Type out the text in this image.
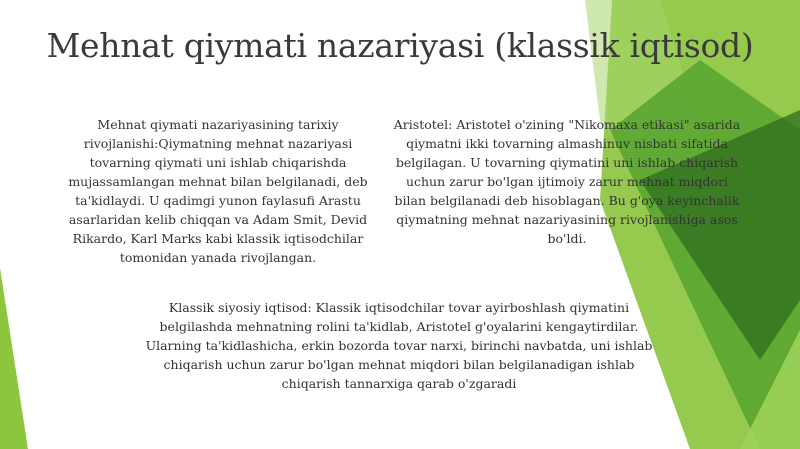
Mehnat qiymati nazariyasi (klassik iqtisod)
Mehnat qiymati nazariyasining tarixiy rivojlanishi:Qiymatning mehnat nazariyasi tovarning qiymati uni ishlab chiqarishda mujassamlangan mehnat bilan belgilanadi, deb ta'kidlaydi. U qadimgi yunon faylasufi Arastu asarlaridan kelib chiqqan va Adam Smit, Devid Rikardo, Karl Marks kabi klassik iqtisodchilar tomonidan yanada rivojlangan.
Aristotel: Aristotel o'zining "Nikomaxa etikasi" asarida qiymatni ikki tovarning almashinuv nisbati sifatida belgilagan. U tovarning qiymatini uni ishlab chiqarish uchun zarur bo'lgan ijtimoiy zarur mehnat miqdori bilan belgilanadi deb hisoblagan. Bu g'oya keyinchalik qiymatning mehnat nazariyasining rivojlanishiga asos bo'ldi.
Klassik siyosiy iqtisod: Klassik iqtisodchilar tovar ayirboshlash qiymatini belgilashda mehnatning rolini ta'kidlab, Aristotel g'oyalarini kengaytirdilar. Ularning ta'kidlashicha, erkin bozorda tovar narxi, birinchi navbatda, uni ishlab chiqarish uchun zarur bo'lgan mehnat miqdori bilan belgilanadigan ishlab chiqarish tannarxiga qarab o'zgaradi
